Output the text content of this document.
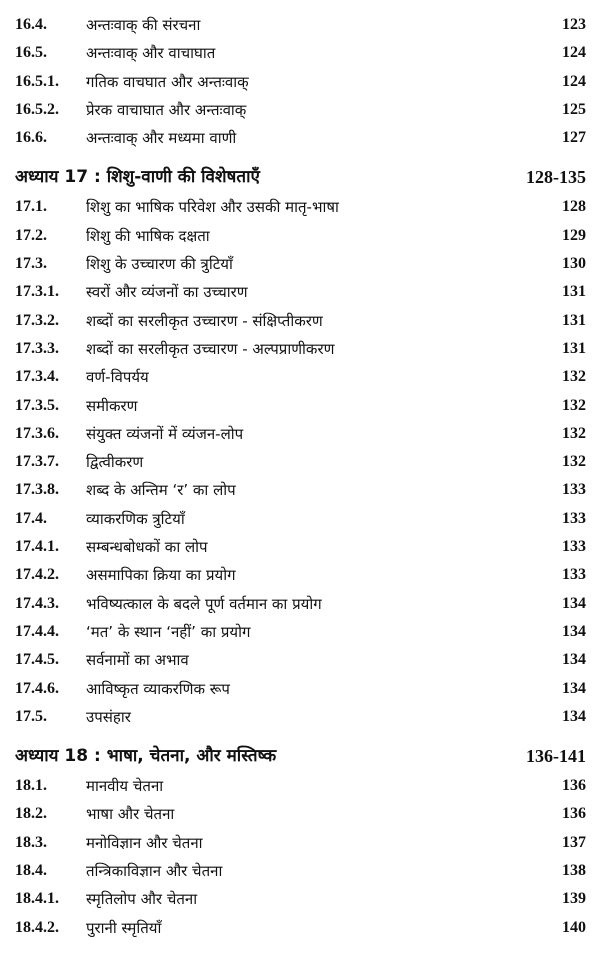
16.4.	अन्तःवाक् की संरचना	123
16.5.	अन्तःवाक् और वाचाघात	124
16.5.1. गतिक वाचघात और अन्तःवाक्	124
16.5.2. प्रेरक वाचाघात और अन्तःवाक्	125
16.6.	अन्तःवाक् और मध्यमा वाणी	127
अध्याय 17 : शिशु-वाणी की विशेषताएँ	128-135
17.1.	शिशु का भाषिक परिवेश और उसकी मातृ-भाषा	128
17.2.	शिशु की भाषिक दक्षता	129
17.3.	शिशु के उच्चारण की त्रुटियाँ	130
17.3.1. स्वरों और व्यंजनों का उच्चारण	131
17.3.2. शब्दों का सरलीकृत उच्चारण - संक्षिप्तीकरण	131
17.3.3. शब्दों का सरलीकृत उच्चारण - अल्पप्राणीकरण	131
17.3.4. वर्ण-विपर्यय	132
17.3.5. समीकरण	132
17.3.6. संयुक्त व्यंजनों में व्यंजन-लोप	132
17.3.7. द्वित्वीकरण	132
17.3.8. शब्द के अन्तिम ‘र’ का लोप	133
17.4.	व्याकरणिक त्रुटियाँ	133
17.4.1. सम्बन्धबोधकों का लोप	133
17.4.2. असमापिका क्रिया का प्रयोग	133
17.4.3. भविष्यत्काल के बदले पूर्ण वर्तमान का प्रयोग	134
17.4.4. ‘मत’ के स्थान ‘नहीं’ का प्रयोग	134
17.4.5. सर्वनामों का अभाव	134
17.4.6. आविष्कृत व्याकरणिक रूप	134
17.5.	उपसंहार	134
अध्याय 18 : भाषा, चेतना, और मस्तिष्क	136-141
18.1.	मानवीय चेतना	136
18.2.	भाषा और चेतना	136
18.3.	मनोविज्ञान और चेतना	137
18.4.	तन्त्रिकाविज्ञान और चेतना	138
18.4.1. स्मृतिलोप और चेतना	139
18.4.2. पुरानी स्मृतियाँ	140
